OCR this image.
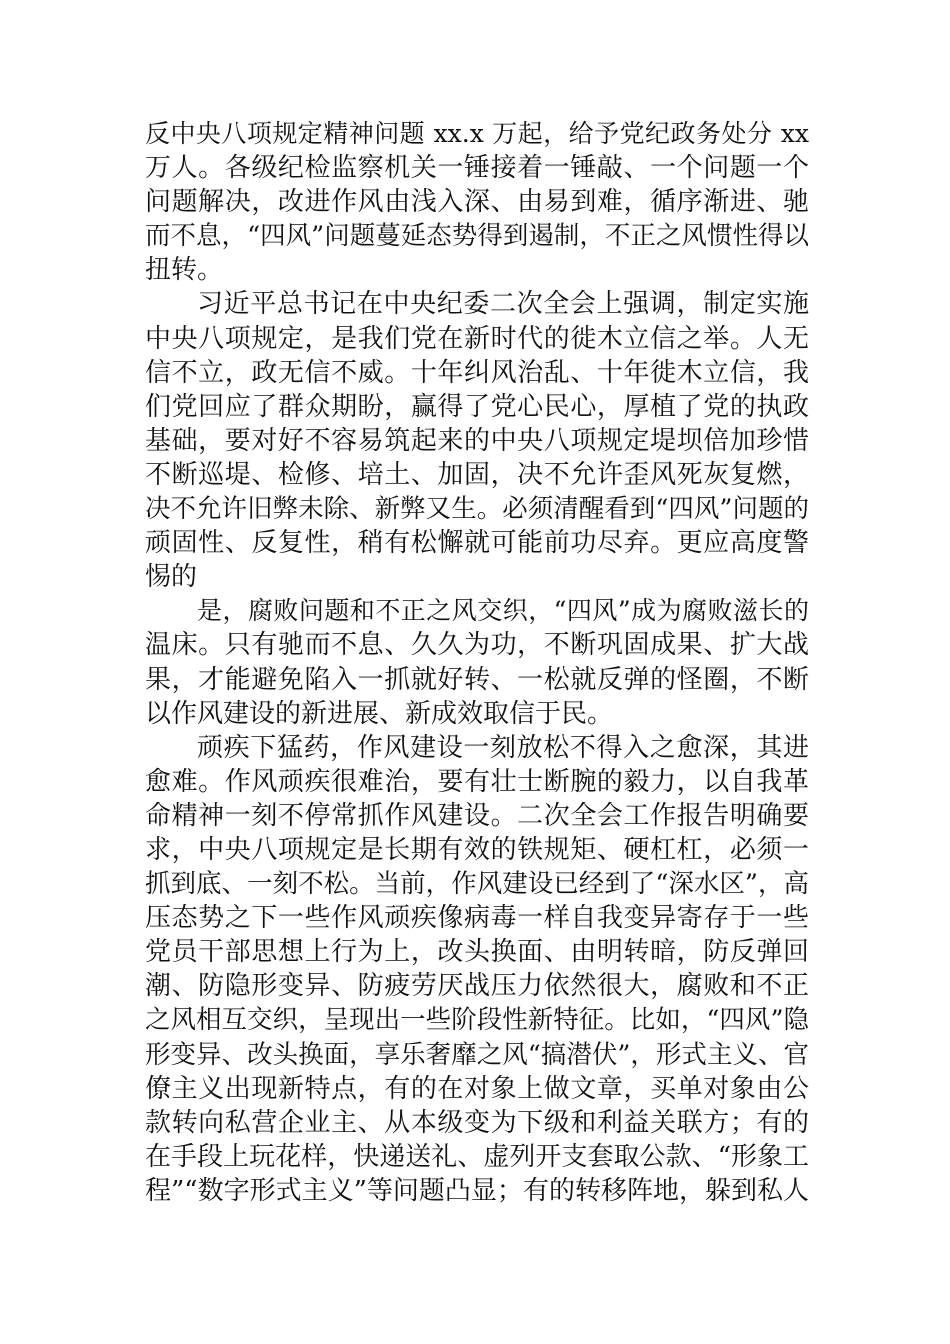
反中央八项规定精神问题 xx.x 万起，给予党纪政务处分 xx
万人。各级纪检监察机关一锤接着一锤敲、一个问题一个
问题解决，改进作风由浅入深、由易到难，循序渐进、驰
而不息，“四风”问题蔓延态势得到遏制，不正之风惯性得以
扭转。
习近平总书记在中央纪委二次全会上强调，制定实施
中央八项规定，是我们党在新时代的徙木立信之举。人无
信不立，政无信不威。十年纠风治乱、十年徙木立信，我
们党回应了群众期盼，赢得了党心民心，厚植了党的执政
基础，要对好不容易筑起来的中央八项规定堤坝倍加珍惜
不断巡堤、检修、培土、加固，决不允许歪风死灰复燃，
决不允许旧弊未除、新弊又生。必须清醒看到“四风”问题的
顽固性、反复性，稍有松懈就可能前功尽弃。更应高度警
惕的
是，腐败问题和不正之风交织，“四风”成为腐败滋长的
温床。只有驰而不息、久久为功，不断巩固成果、扩大战
果，才能避免陷入一抓就好转、一松就反弹的怪圈，不断
以作风建设的新进展、新成效取信于民。
顽疾下猛药，作风建设一刻放松不得入之愈深，其进
愈难。作风顽疾很难治，要有壮士断腕的毅力，以自我革
命精神一刻不停常抓作风建设。二次全会工作报告明确要
求，中央八项规定是长期有效的铁规矩、硬杠杠，必须一
抓到底、一刻不松。当前，作风建设已经到了“深水区”，高
压态势之下一些作风顽疾像病毒一样自我变异寄存于一些
党员干部思想上行为上，改头换面、由明转暗，防反弹回
潮、防隐形变异、防疲劳厌战压力依然很大，腐败和不正
之风相互交织，呈现出一些阶段性新特征。比如，“四风”隐
形变异、改头换面，享乐奢靡之风“搞潜伏”，形式主义、官
僚主义出现新特点，有的在对象上做文章，买单对象由公
款转向私营企业主、从本级变为下级和利益关联方；有的
在手段上玩花样，快递送礼、虚列开支套取公款、“形象工
程”“数字形式主义”等问题凸显；有的转移阵地，躲到私人
